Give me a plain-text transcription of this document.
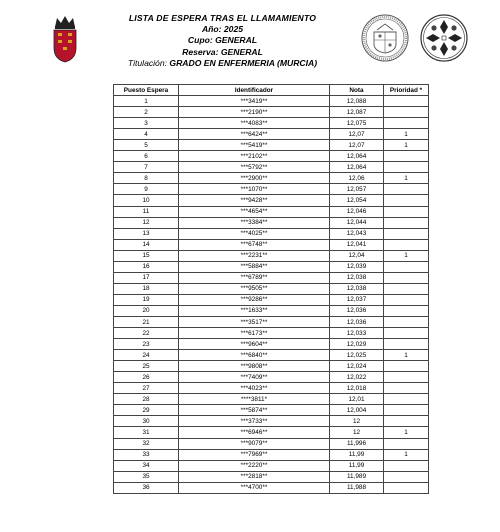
LISTA DE ESPERA TRAS EL LLAMAMIENTO
Año: 2025
Cupo: GENERAL
Reserva: GENERAL
Titulación: GRADO EN ENFERMERIA (MURCIA)
Puesto Espera	Identificador	Nota	Prioridad *
1	***3419**	12,088	
2	***2190**	12,087	
3	***4083**	12,075	
4	***6424**	12,07	1
5	***5419**	12,07	1
6	***2102**	12,064	
7	***5792**	12,064	
8	***2900**	12,06	1
9	***1070**	12,057	
10	***9428**	12,054	
11	***4654**	12,046	
12	***3384**	12,044	
13	***4025**	12,043	
14	***6748**	12,041	
15	***2231**	12,04	1
16	***5884**	12,039	
17	***6789**	12,038	
18	***9505**	12,038	
19	***9286**	12,037	
20	***1633**	12,036	
21	***3517**	12,036	
22	***6173**	12,033	
23	***9604**	12,029	
24	***6840**	12,025	1
25	***9808**	12,024	
26	***7409**	12,022	
27	***4023**	12,018	
28	****3811*	12,01	
29	***5874**	12,004	
30	***3733**	12	
31	***6946**	12	1
32	***9079**	11,996	
33	***7969**	11,99	1
34	***2220**	11,99	
35	***2818**	11,989	
36	***4700**	11,988	
